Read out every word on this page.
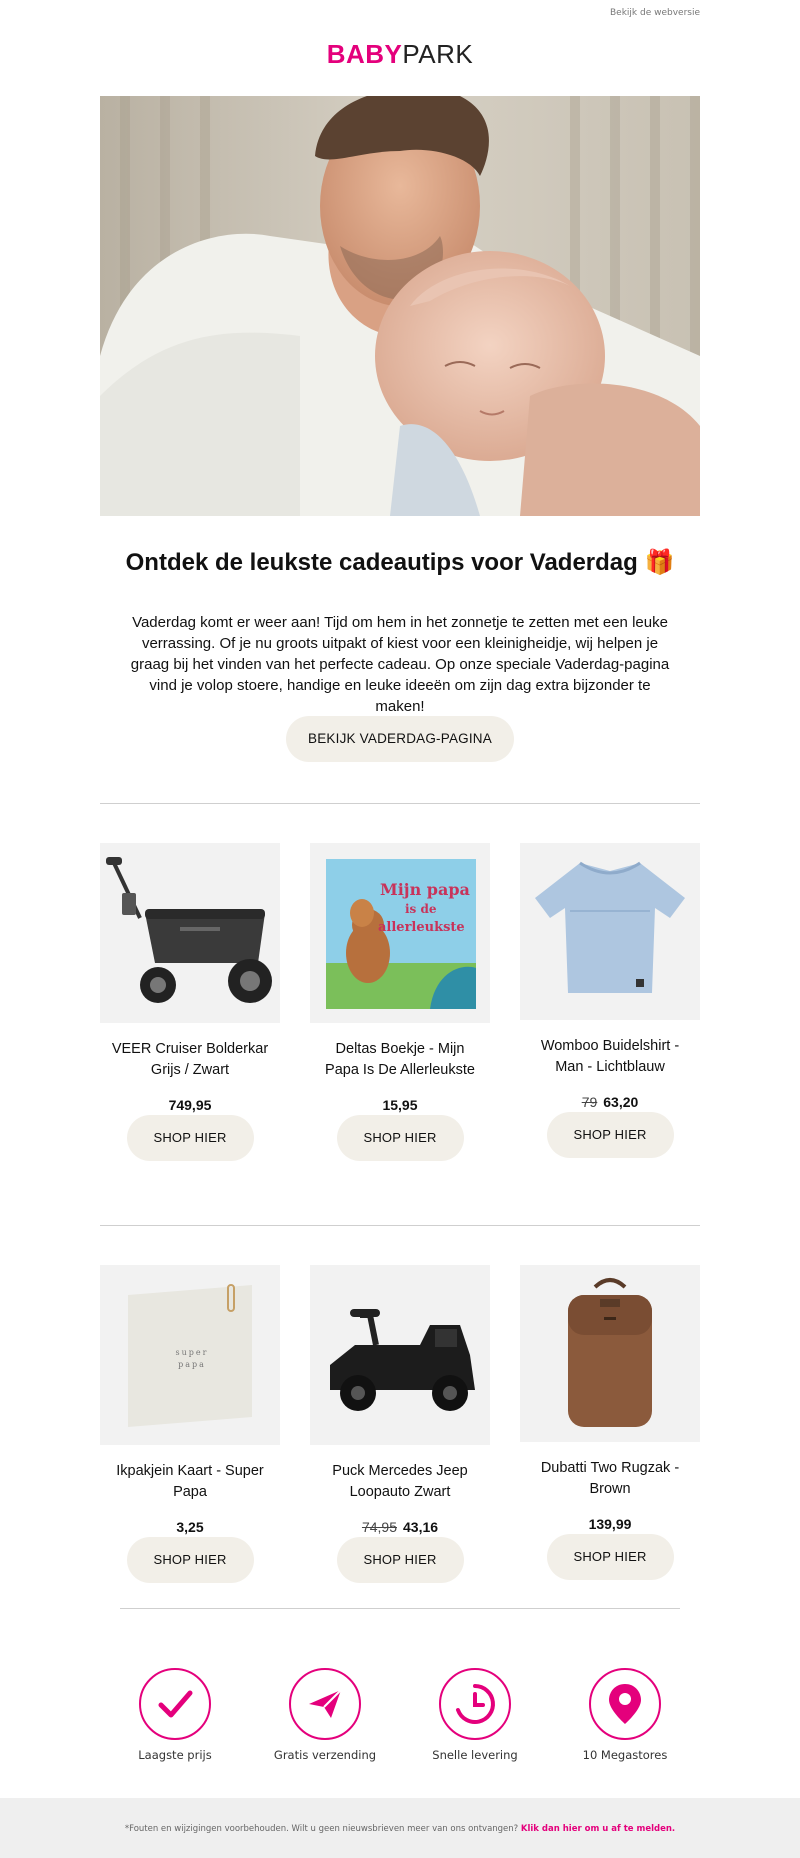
Bekijk de webversie
BABYPARK
Ontdek de leukste cadeautips voor Vaderdag 🎁

Vaderdag komt er weer aan! Tijd om hem in het zonnetje te zetten met een leuke verrassing. Of je nu groots uitpakt of kiest voor een kleinigheidje, wij helpen je graag bij het vinden van het perfecte cadeau. Op onze speciale Vaderdag-pagina vind je volop stoere, handige en leuke ideeën om zijn dag extra bijzonder te maken!

BEKIJK VADERDAG-PAGINA
VEER Cruiser Bolderkar Grijs / Zwart
749,95
SHOP HIER
Mijn papa
is de
allerleukste
Deltas Boekje - Mijn Papa Is De Allerleukste
15,95
SHOP HIER
Womboo Buidelshirt - Man - Lichtblauw
79 63,20
SHOP HIER
super
papa
Ikpakjein Kaart - Super Papa
3,25
SHOP HIER
Puck Mercedes Jeep Loopauto Zwart
74,95 43,16
SHOP HIER
Dubatti Two Rugzak - Brown
139,99
SHOP HIER
Laagste prijs	Gratis verzending	Snelle levering	10 Megastores
*Fouten en wijzigingen voorbehouden. Wilt u geen nieuwsbrieven meer van ons ontvangen? Klik dan hier om u af te melden.
